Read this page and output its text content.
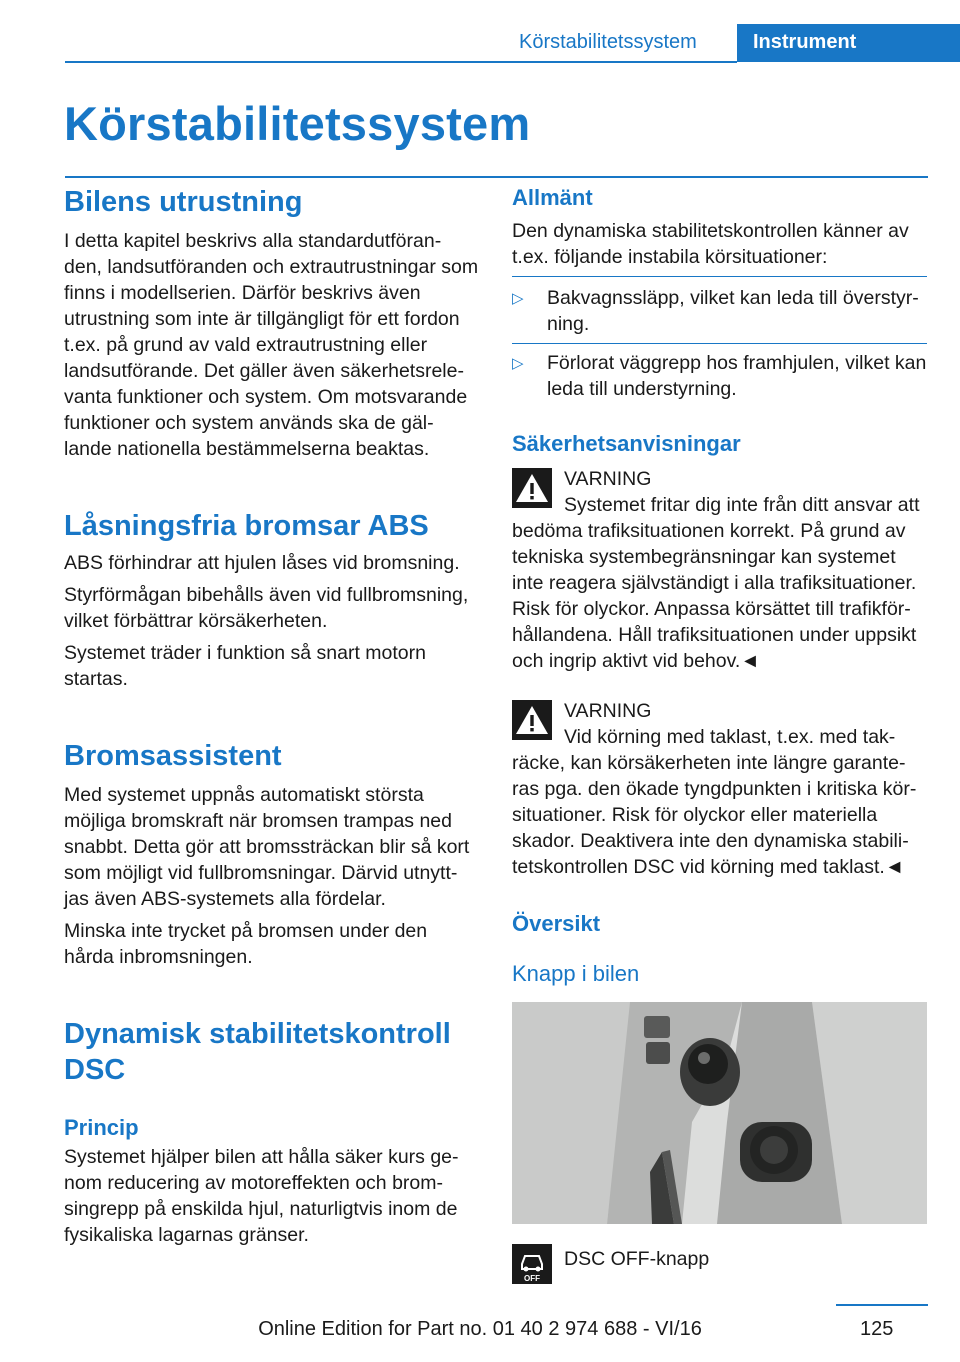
Körstabilitetssystem	Instrument
Körstabilitetssystem
Bilens utrustning

I detta kapitel beskrivs alla standardutföran‐den, landsutföranden och extrautrustningar som finns i modellserien. Därför beskrivs även utrustning som inte är tillgängligt för ett fordon t.ex. på grund av vald extrautrustning eller landsutförande. Det gäller även säkerhetsrele‐vanta funktioner och system. Om motsvarande funktioner och system används ska de gäl‐lande nationella bestämmelserna beaktas.

Låsningsfria bromsar ABS

ABS förhindrar att hjulen låses vid bromsning.

Styrförmågan bibehålls även vid fullbromsning, vilket förbättrar körsäkerheten.

Systemet träder i funktion så snart motorn startas.

Bromsassistent

Med systemet uppnås automatiskt största möjliga bromskraft när bromsen trampas ned snabbt. Detta gör att bromssträckan blir så kort som möjligt vid fullbromsningar. Därvid utnytt‐jas även ABS-systemets alla fördelar.

Minska inte trycket på bromsen under den hårda inbromsningen.

Dynamisk stabilitetskontroll DSC
Princip

Systemet hjälper bilen att hålla säker kurs ge‐nom reducering av motoreffekten och brom‐singrepp på enskilda hjul, naturligtvis inom de fysikaliska lagarnas gränser.

Allmänt

Den dynamiska stabilitetskontrollen känner av t.ex. följande instabila körsituationer:

▷ Bakvagnssläpp, vilket kan leda till överstyr‐ning.
▷ Förlorat väggrepp hos framhjulen, vilket kan leda till understyrning.
Säkerhetsanvisningar
VARNING

Systemet fritar dig inte från ditt ansvar att bedöma trafiksituationen korrekt. På grund av tekniska systembegränsningar kan systemet inte reagera självständigt i alla trafiksituationer. Risk för olyckor. Anpassa körsättet till trafikför‐hållandena. Håll trafiksituationen under uppsikt och ingrip aktivt vid behov.◄

VARNING

Vid körning med taklast, t.ex. med tak‐räcke, kan körsäkerheten inte längre garante‐ras pga. den ökade tyngdpunkten i kritiska kör‐situationer. Risk för olyckor eller materiella skador. Deaktivera inte den dynamiska stabili‐tetskontrollen DSC vid körning med taklast.◄

Översikt
Knapp i bilen
OFF
DSC OFF-knapp
125
Online Edition for Part no. 01 40 2 974 688 - VI/16
